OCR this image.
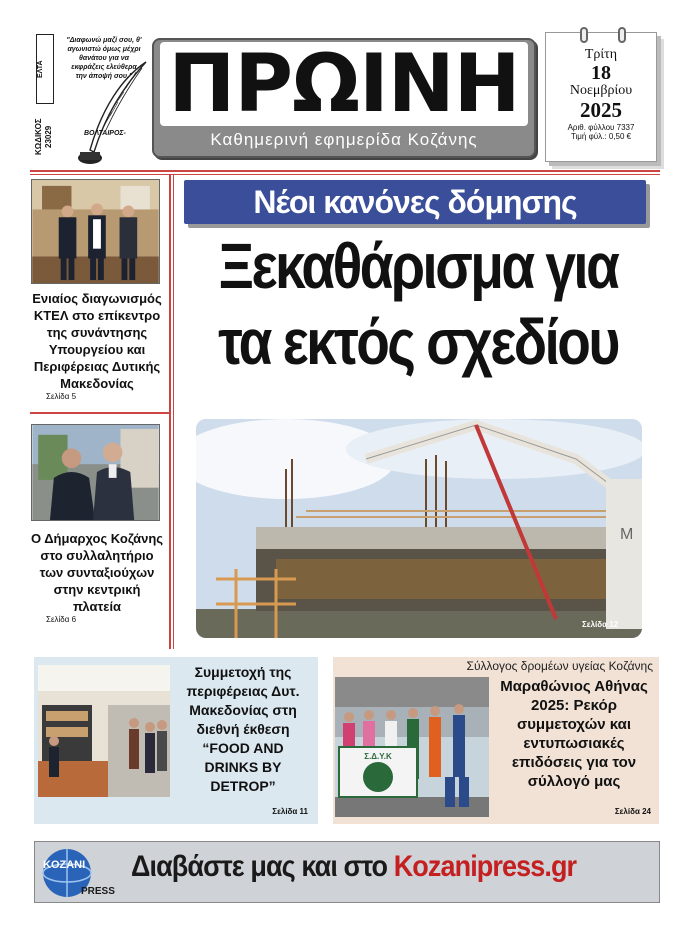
ΕΛΤΑ
ΚΩΔΙΚΟΣ 23029
"Διαφωνώ μαζί σου, θ' αγωνιστώ όμως μέχρι θανάτου για να εκφράζεις ελεύθερα την άποψή σου."
ΒΟΛΤΑΙΡΟΣ-
ΠΡΩΙΝΗ
Καθημερινή εφημερίδα Κοζάνης
Τρίτη
18
Νοεμβρίου
2025
Αριθ. φύλλου 7337
Τιμή φύλ.: 0,50 €
Ενιαίος διαγωνισμός ΚΤΕΛ στο επίκεντρο της συνάντησης Υπουργείου και Περιφέρειας Δυτικής Μακεδονίας
Σελίδα 5
Ο Δήμαρχος Κοζάνης στο συλλαλητήριο των συνταξιούχων στην κεντρική πλατεία
Σελίδα 6
Νέοι κανόνες δόμησης
Ξεκαθάρισμα για
τα εκτός σχεδίου
M
Σελίδα 12
Συμμετοχή της περιφέρειας Δυτ. Μακεδονίας στη διεθνή έκθεση “FOOD AND DRINKS BY DETROP”
Σελίδα 11
Σύλλογος δρομέων υγείας Κοζάνης
Σ.Δ.Υ.Κ
Μαραθώνιος Αθήνας 2025: Ρεκόρ συμμετοχών και εντυπωσιακές επιδόσεις για τον σύλλογό μας
Σελίδα 24
KOZANI
PRESS
Διαβάστε μας και στο Kozanipress.gr
